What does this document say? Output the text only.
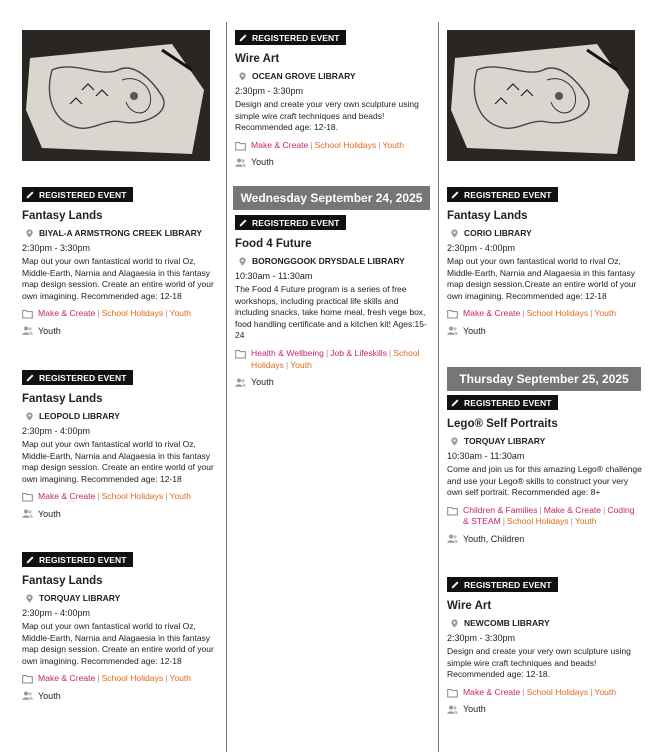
REGISTERED EVENT
Fantasy Lands
BIYAL-A ARMSTRONG CREEK LIBRARY
2:30pm - 3:30pm
Map out your own fantastical world to rival Oz, Middle-Earth, Narnia and Alagaesia in this fantasy map design session. Create an entire world of your own imagining. Recommended age: 12-18
Make & Create | School Holidays | Youth
Youth
REGISTERED EVENT
Fantasy Lands
LEOPOLD LIBRARY
2:30pm - 4:00pm
Map out your own fantastical world to rival Oz, Middle-Earth, Narnia and Alagaesia in this fantasy map design session. Create an entire world of your own imagining. Recommended age: 12-18
Make & Create | School Holidays | Youth
Youth
REGISTERED EVENT
Fantasy Lands
TORQUAY LIBRARY
2:30pm - 4:00pm
Map out your own fantastical world to rival Oz, Middle-Earth, Narnia and Alagaesia in this fantasy map design session. Create an entire world of your own imagining. Recommended age: 12-18
Make & Create | School Holidays | Youth
Youth
REGISTERED EVENT
Wire Art
OCEAN GROVE LIBRARY
2:30pm - 3:30pm
Design and create your very own sculpture using simple wire craft techniques and beads! Recommended age: 12-18.
Make & Create | School Holidays | Youth
Youth
Wednesday September 24, 2025
REGISTERED EVENT
Food 4 Future
BORONGGOOK DRYSDALE LIBRARY
10:30am - 11:30am
The Food 4 Future program is a series of free workshops, including practical life skills and including snacks, take home meal, fresh vege box, food handling certificate and a kitchen kit! Ages:15-24
Health & Wellbeing | Job & Lifeskills | School Holidays | Youth
Youth
REGISTERED EVENT
Fantasy Lands
CORIO LIBRARY
2:30pm - 4:00pm
Map out your own fantastical world to rival Oz, Middle-Earth, Narnia and Alagaesia in this fantasy map design session.Create an entire world of your own imagining. Recommended age: 12-18
Make & Create | School Holidays | Youth
Youth
Thursday September 25, 2025
REGISTERED EVENT
Lego® Self Portraits
TORQUAY LIBRARY
10:30am - 11:30am
Come and join us for this amazing Lego® challenge and use your Lego® skills to construct your very own self portrait. Recommended age: 8+
Children & Families | Make & Create | Coding & STEAM | School Holidays | Youth
Youth, Children
REGISTERED EVENT
Wire Art
NEWCOMB LIBRARY
2:30pm - 3:30pm
Design and create your very own sculpture using simple wire craft techniques and beads! Recommended age: 12-18.
Make & Create | School Holidays | Youth
Youth
